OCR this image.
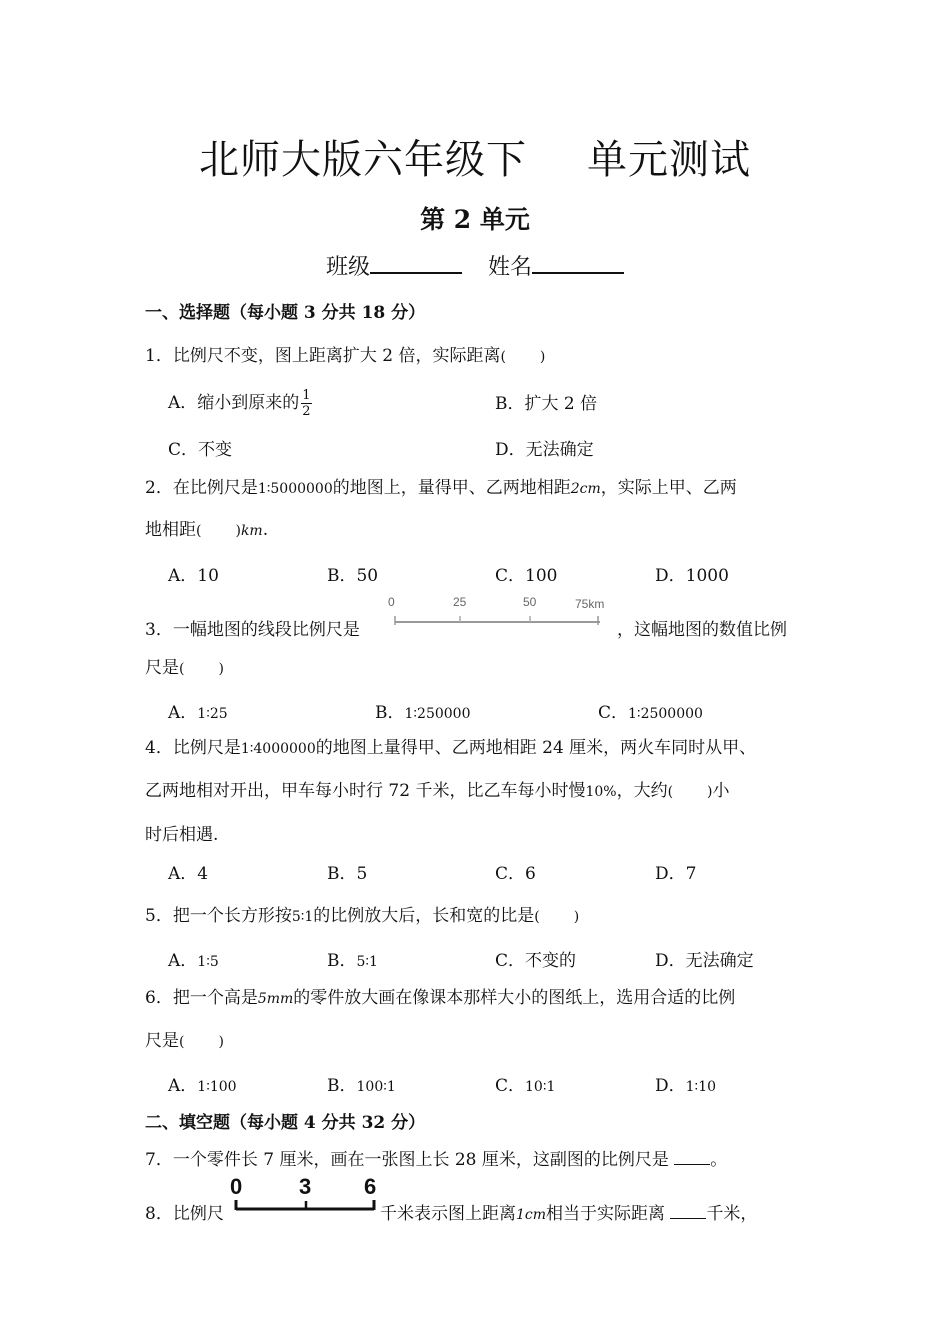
北师大版六年级下 单元测试
第 2 单元
班级	姓名
一、选择题（每小题 3 分共 18 分）
1．比例尺不变，图上距离扩大 2 倍，实际距离( )
A．缩小到原来的 $\frac{1}{2}$	B．扩大 2 倍
C．不变	D．无法确定
2．在比例尺是1∶5000000的地图上，量得甲、乙两地相距2cm，实际上甲、乙两
地相距( )km.
A．10	B．50	C．100	D．1000
3．一幅地图的线段比例尺是
0	25	50	75km
，这幅地图的数值比例
尺是( )
A．1∶25	B．1∶250000	C．1∶2500000
4．比例尺是1∶4000000的地图上量得甲、乙两地相距 24 厘米，两火车同时从甲、
乙两地相对开出，甲车每小时行 72 千米，比乙车每小时慢10%，大约( )小
时后相遇.
A．4	B．5	C．6	D．7
5．把一个长方形按5∶1的比例放大后，长和宽的比是( )
A．1∶5	B．5∶1	C．不变的	D．无法确定
6．把一个高是5mm的零件放大画在像课本那样大小的图纸上，选用合适的比例
尺是( )
A．1∶100	B．100∶1	C．10∶1	D．1∶10
二、填空题（每小题 4 分共 32 分）
7．一个零件长 7 厘米，画在一张图上长 28 厘米，这副图的比例尺是 。
8．比例尺
0	3 6
千米表示图上距离1cm相当于实际距离 千米，
